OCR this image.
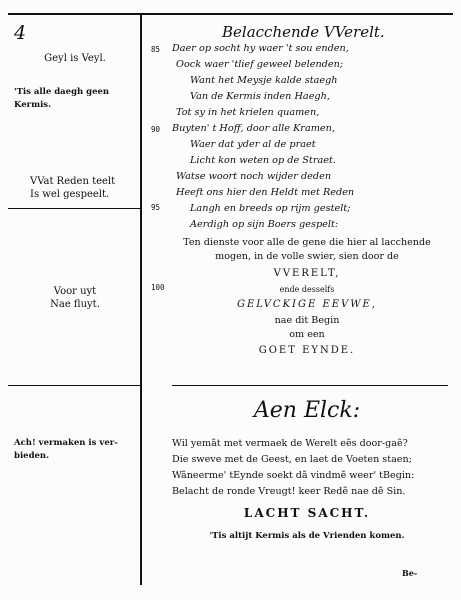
4	Belacchende VVerelt.
Geyl is Veyl.
'Tis alle daegh geen
Kermis.
VVat Reden teelt
Is wel gespeelt.
Voor uyt
Nae fluyt.
Ach! vermaken is ver-
bieden.
85
90
95
100
Daer op socht hy waer 't sou enden,
Oock waer 'tlief geweel belenden;
Want het Meysje kalde staegh
Van de Kermis inden Haegh,
Tot sy in het krielen quamen,
Buyten' t Hoff, door alle Kramen,
Waer dat yder al de praet
Licht kon weten op de Straet.
Watse woort noch wijder deden
Heeft ons hier den Heldt met Reden
Langh en breeds op rijm gestelt;
Aerdigh op sijn Boers gespelt:
Ten dienste voor alle de gene die hier al lacchende
mogen, in de volle swier, sien door de
VVERELT,
ende desselfs
GELVCKIGE EEVWE,
nae dit Begin
om een
GOET EYNDE.
Aen Elck:
Wil yemãt met vermaek de Werelt eẽs door-gaẽ?
Die sweve met de Geest, en laet de Voeten staen;
Wãneerme' tEynde soekt dã vindmẽ weer' tBegin:
Belacht de ronde Vreugt! keer Redẽ nae dẽ Sin.
LACHT SACHT.
'Tis altijt Kermis als de Vrienden komen.
Be-
